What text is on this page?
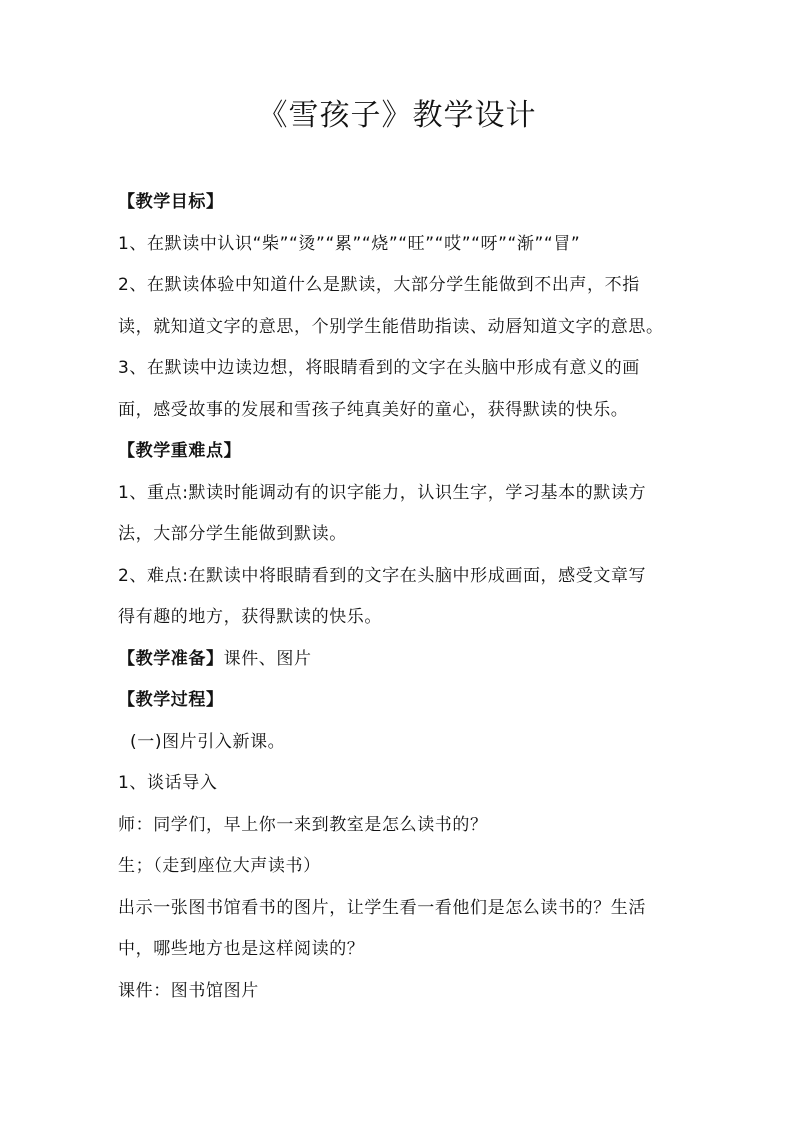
《雪孩子》教学设计
【教学目标】
1、在默读中认识“柴”“烫”“累”“烧”“旺”“哎”“呀”“渐”“冒”
2、在默读体验中知道什么是默读，大部分学生能做到不出声，不指
读，就知道文字的意思，个别学生能借助指读、动唇知道文字的意思。
3、在默读中边读边想，将眼睛看到的文字在头脑中形成有意义的画
面，感受故事的发展和雪孩子纯真美好的童心，获得默读的快乐。
【教学重难点】
1、重点:默读时能调动有的识字能力，认识生字，学习基本的默读方
法，大部分学生能做到默读。
2、难点:在默读中将眼睛看到的文字在头脑中形成画面，感受文章写
得有趣的地方，获得默读的快乐。
【教学准备】课件、图片
【教学过程】
(一)图片引入新课。
1、谈话导入
师：同学们，早上你一来到教室是怎么读书的？
生；（走到座位大声读书）
出示一张图书馆看书的图片，让学生看一看他们是怎么读书的？生活
中，哪些地方也是这样阅读的？
课件：图书馆图片
